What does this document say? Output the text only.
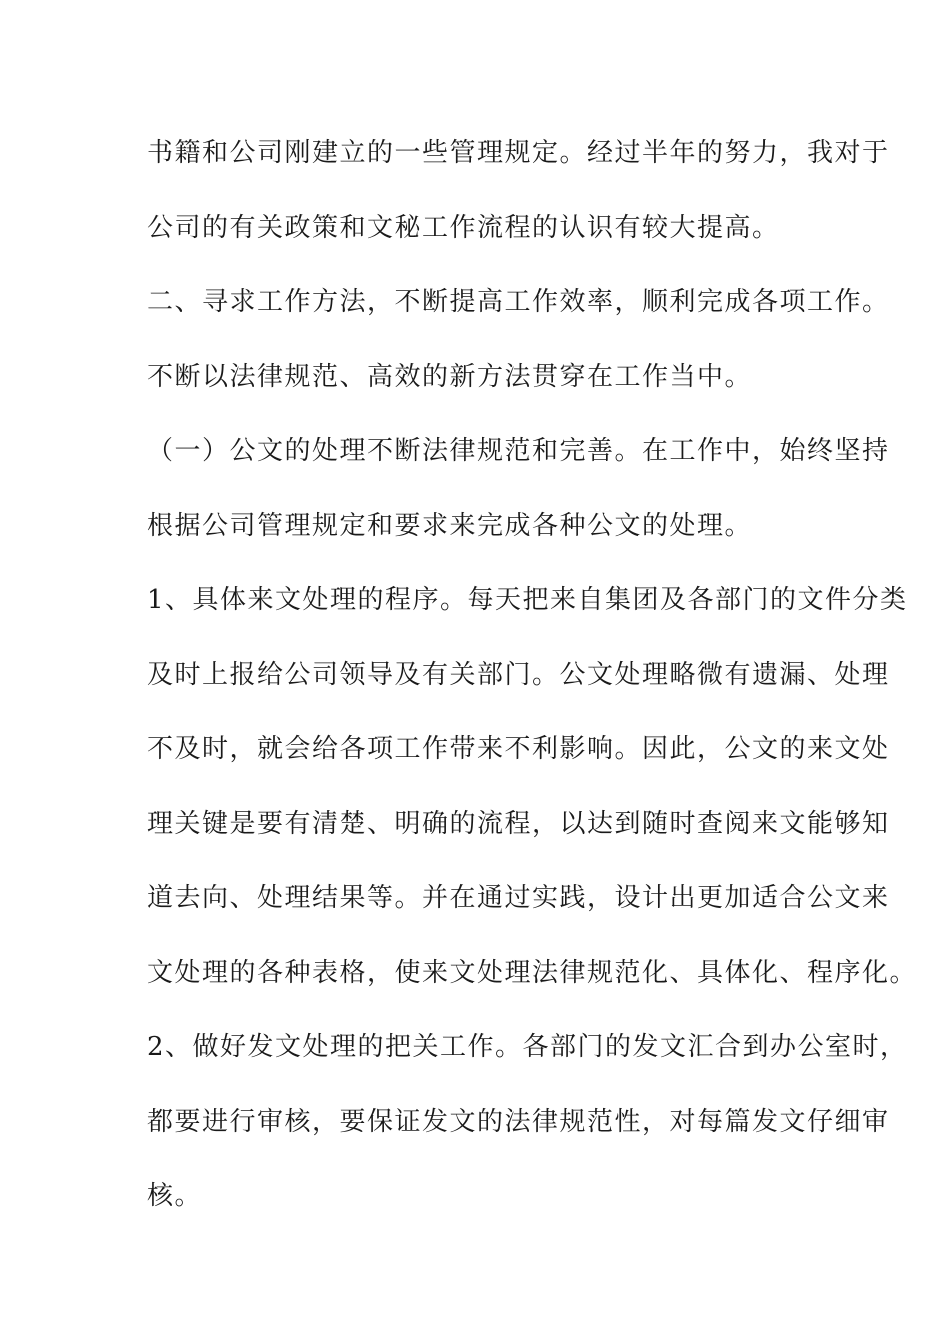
书籍和公司刚建立的一些管理规定。经过半年的努力，我对于
公司的有关政策和文秘工作流程的认识有较大提高。
二、寻求工作方法，不断提高工作效率，顺利完成各项工作。
不断以法律规范、高效的新方法贯穿在工作当中。
（一）公文的处理不断法律规范和完善。在工作中，始终坚持
根据公司管理规定和要求来完成各种公文的处理。
1、具体来文处理的程序。每天把来自集团及各部门的文件分类
及时上报给公司领导及有关部门。公文处理略微有遗漏、处理
不及时，就会给各项工作带来不利影响。因此，公文的来文处
理关键是要有清楚、明确的流程，以达到随时查阅来文能够知
道去向、处理结果等。并在通过实践，设计出更加适合公文来
文处理的各种表格，使来文处理法律规范化、具体化、程序化。
2、做好发文处理的把关工作。各部门的发文汇合到办公室时，
都要进行审核，要保证发文的法律规范性，对每篇发文仔细审
核。
